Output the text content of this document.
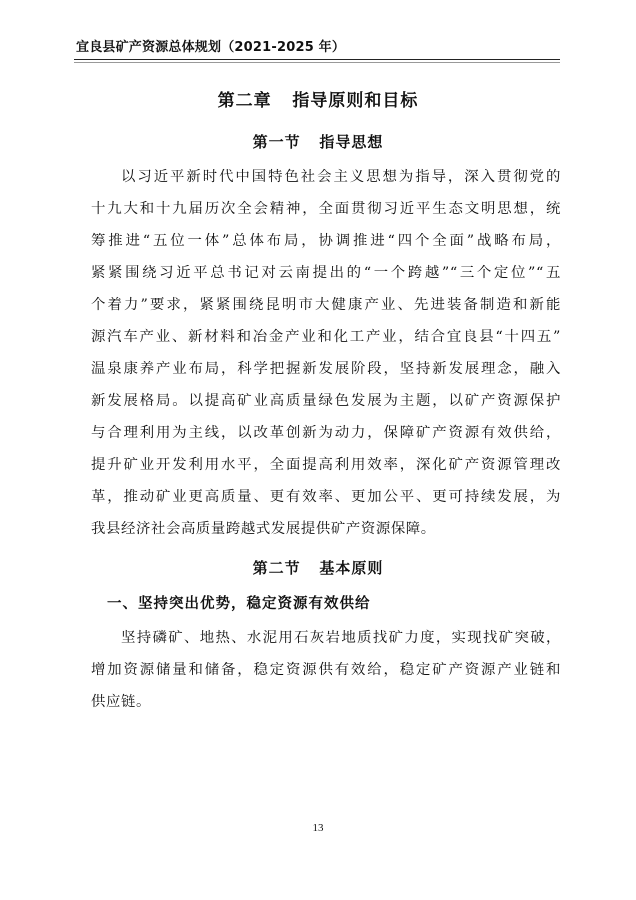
宜良县矿产资源总体规划（2021-2025 年）
第二章   指导原则和目标
第一节   指导思想
以习近平新时代中国特色社会主义思想为指导，深入贯彻党的
十九大和十九届历次全会精神，全面贯彻习近平生态文明思想，统
筹推进“五位一体”总体布局，协调推进“四个全面”战略布局，
紧紧围绕习近平总书记对云南提出的“一个跨越”“三个定位”“五
个着力”要求，紧紧围绕昆明市大健康产业、先进装备制造和新能
源汽车产业、新材料和冶金产业和化工产业，结合宜良县“十四五”
温泉康养产业布局，科学把握新发展阶段，坚持新发展理念，融入
新发展格局。以提高矿业高质量绿色发展为主题，以矿产资源保护
与合理利用为主线，以改革创新为动力，保障矿产资源有效供给，
提升矿业开发利用水平，全面提高利用效率，深化矿产资源管理改
革，推动矿业更高质量、更有效率、更加公平、更可持续发展，为
我县经济社会高质量跨越式发展提供矿产资源保障。
第二节   基本原则
一、坚持突出优势，稳定资源有效供给
坚持磷矿、地热、水泥用石灰岩地质找矿力度，实现找矿突破，
增加资源储量和储备，稳定资源供有效给，稳定矿产资源产业链和
供应链。
13
